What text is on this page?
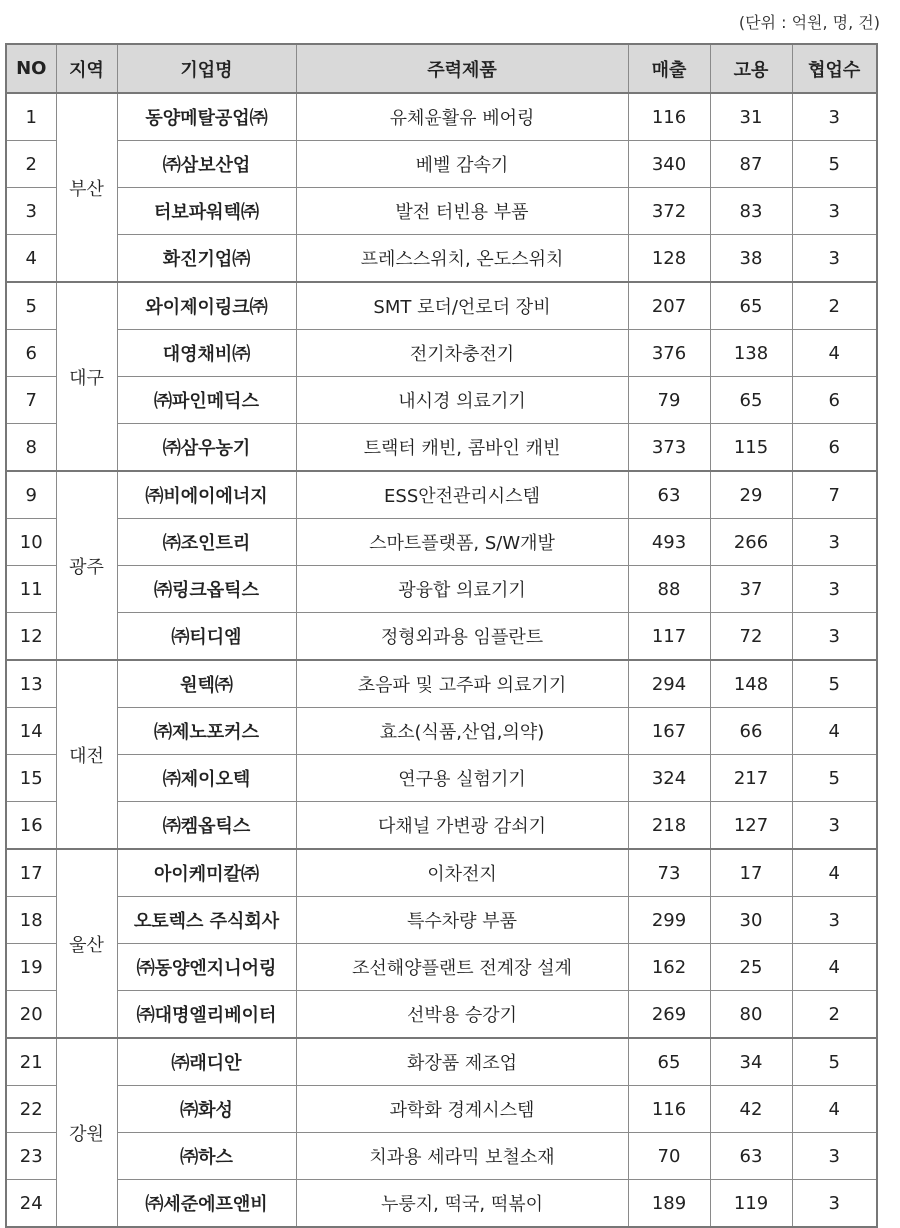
(단위 : 억원, 명, 건)
NO	지역	기업명	주력제품	매출	고용	협업수
1	부산	동양메탈공업㈜	유체윤활유 베어링	116	31	3
2		㈜삼보산업	베벨 감속기	340	87	5
3		터보파워텍㈜	발전 터빈용 부품	372	83	3
4		화진기업㈜	프레스스위치, 온도스위치	128	38	3
5	대구	와이제이링크㈜	SMT 로더/언로더 장비	207	65	2
6		대영채비㈜	전기차충전기	376	138	4
7		㈜파인메딕스	내시경 의료기기	79	65	6
8		㈜삼우농기	트랙터 캐빈, 콤바인 캐빈	373	115	6
9	광주	㈜비에이에너지	ESS안전관리시스템	63	29	7
10		㈜조인트리	스마트플랫폼, S/W개발	493	266	3
11		㈜링크옵틱스	광융합 의료기기	88	37	3
12		㈜티디엠	정형외과용 임플란트	117	72	3
13	대전	원텍㈜	초음파 및 고주파 의료기기	294	148	5
14		㈜제노포커스	효소(식품,산업,의약)	167	66	4
15		㈜제이오텍	연구용 실험기기	324	217	5
16		㈜켐옵틱스	다채널 가변광 감쇠기	218	127	3
17	울산	아이케미칼㈜	이차전지	73	17	4
18		오토렉스 주식회사	특수차량 부품	299	30	3
19		㈜동양엔지니어링	조선해양플랜트 전계장 설계	162	25	4
20		㈜대명엘리베이터	선박용 승강기	269	80	2
21	강원	㈜래디안	화장품 제조업	65	34	5
22		㈜화성	과학화 경계시스템	116	42	4
23		㈜하스	치과용 세라믹 보철소재	70	63	3
24		㈜세준에프앤비	누룽지, 떡국, 떡볶이	189	119	3
